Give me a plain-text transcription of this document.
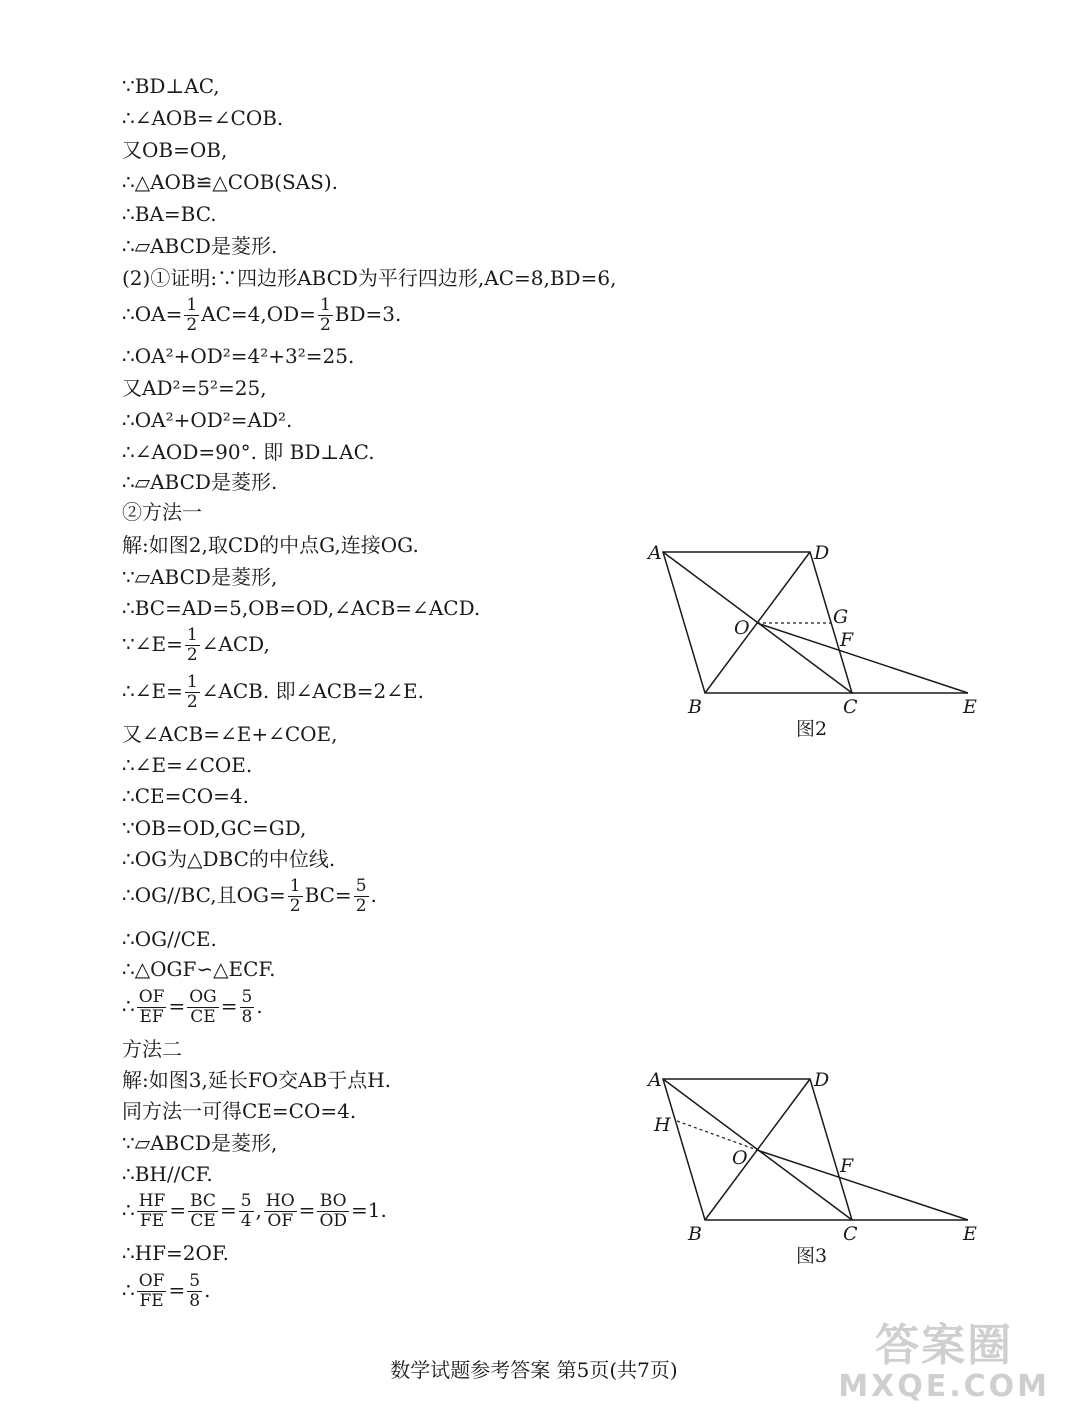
∵BD⊥AC,
∴∠AOB=∠COB.
又OB=OB,
∴△AOB≌△COB(SAS).
∴BA=BC.
∴▱ABCD是菱形.
(2)①证明:∵四边形ABCD为平行四边形,AC=8,BD=6,
∴OA= $\frac{1}{2} AC=4,OD= \frac{1}{2} BD=3$.
∴OA²+OD²=4²+3²=25.
又AD²=5²=25,
∴OA²+OD²=AD².
∴∠AOD=90°. 即 BD⊥AC.
∴▱ABCD是菱形.
②方法一
解:如图2,取CD的中点G,连接OG.
∵▱ABCD是菱形,
∴BC=AD=5,OB=OD,∠ACB=∠ACD.
∵∠E= $\frac{1}{2}$ ∠ACD,
∴∠E= $\frac{1}{2}$ ∠ACB. 即∠ACB=2∠E.
又∠ACB=∠E+∠COE,
∴∠E=∠COE.
∴CE=CO=4.
∵OB=OD,GC=GD,
∴OG为△DBC的中位线.
∴OG//BC,且$OG= \frac{1}{2} BC= \frac{5}{2}$ .
∴OG//CE.
∴△OGF∽△ECF.
∴ $\frac{OF}{EF} = \frac{OG}{CE} = \frac{5}{8}$ .
方法二
解:如图3,延长FO交AB于点H.
同方法一可得CE=CO=4.
∵▱ABCD是菱形,
∴BH//CF.
∴ $\frac{HF}{FE} = \frac{BC}{CE} = \frac{5}{4}$ , $\frac{HO}{OF} = \frac{BO}{OD} =1$.
∴HF=2OF.
∴ $\frac{OF}{FE} = \frac{5}{8}$ .
A	D
O	G
F
B	C	E
图2
A	D
H
O	F
B	C	E
图3
数学试题参考答案 第5页(共7页)	答案圈
MXQE.COM
